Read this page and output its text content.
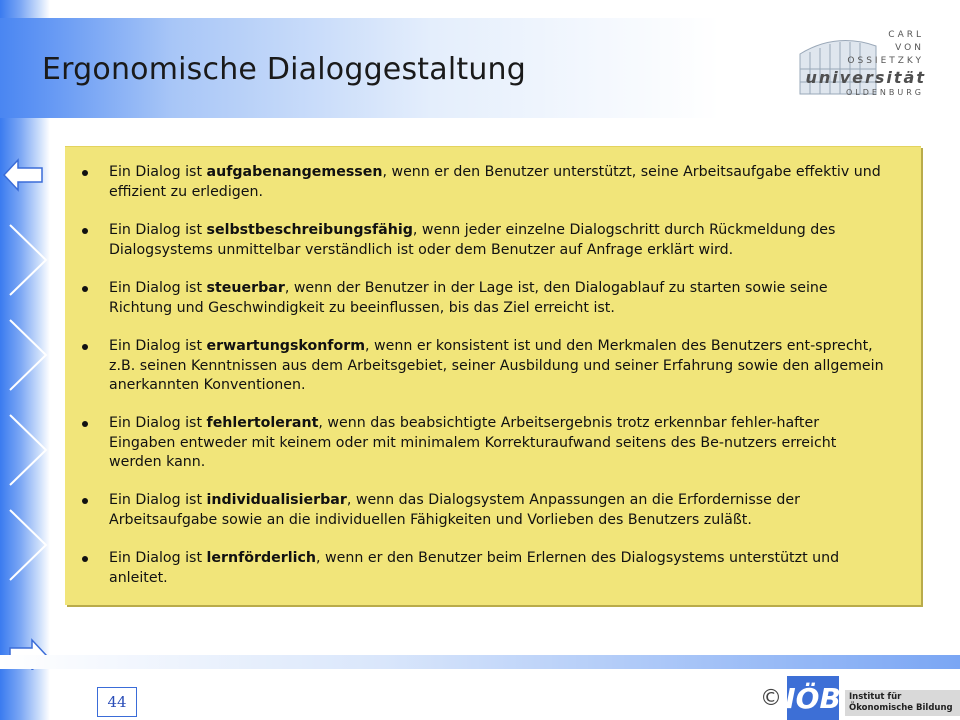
Ergonomische Dialoggestaltung
CARL
VON
OSSIETZKY
universität
OLDENBURG
Ein Dialog ist aufgabenangemessen, wenn er den Benutzer unterstützt, seine Arbeitsaufgabe effektiv und effizient zu erledigen.
Ein Dialog ist selbstbeschreibungsfähig, wenn jeder einzelne Dialogschritt durch Rückmeldung des Dialogsystems unmittelbar verständlich ist oder dem Benutzer auf Anfrage erklärt wird.
Ein Dialog ist steuerbar, wenn der Benutzer in der Lage ist, den Dialogablauf zu starten sowie seine Richtung und Geschwindigkeit zu beeinflussen, bis das Ziel erreicht ist.
Ein Dialog ist erwartungskonform, wenn er konsistent ist und den Merkmalen des Benutzers ent-sprecht, z.B. seinen Kenntnissen aus dem Arbeitsgebiet, seiner Ausbildung und seiner Erfahrung sowie den allgemein anerkannten Konventionen.
Ein Dialog ist fehlertolerant, wenn das beabsichtigte Arbeitsergebnis trotz erkennbar fehler-hafter Eingaben entweder mit keinem oder mit minimalem Korrekturaufwand seitens des Be-nutzers erreicht werden kann.
Ein Dialog ist individualisierbar, wenn das Dialogsystem Anpassungen an die Erfordernisse der Arbeitsaufgabe sowie an die individuellen Fähigkeiten und Vorlieben des Benutzers zuläßt.
Ein Dialog ist lernförderlich, wenn er den Benutzer beim Erlernen des Dialogsystems unterstützt und anleitet.
44	© IÖB Institut für
Ökonomische Bildung
